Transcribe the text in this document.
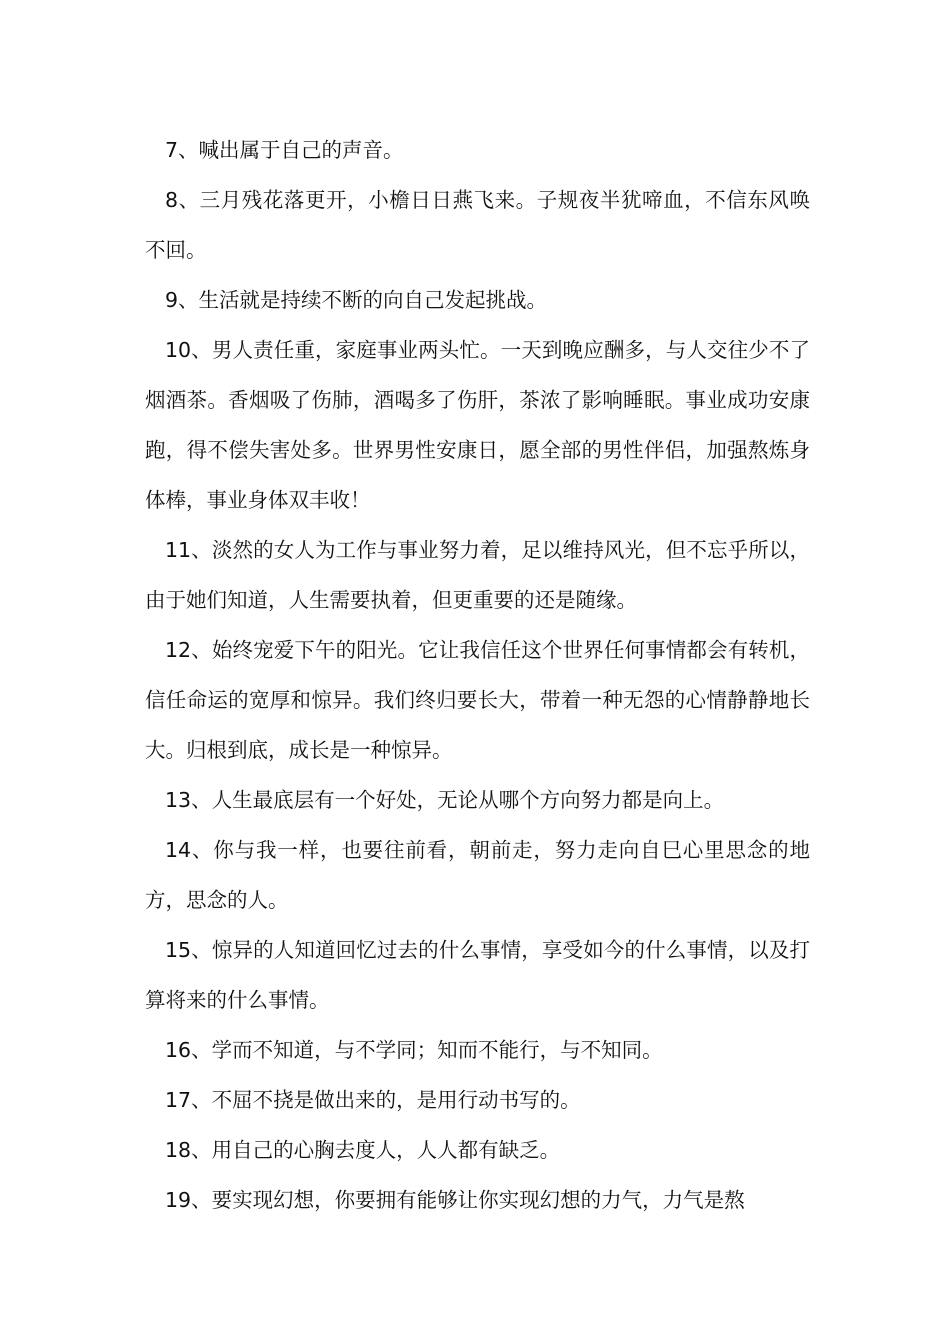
7、喊出属于自己的声音。

8、三月残花落更开，小檐日日燕飞来。子规夜半犹啼血，不信东风唤不回。

9、生活就是持续不断的向自己发起挑战。

10、男人责任重，家庭事业两头忙。一天到晚应酬多，与人交往少不了烟酒茶。香烟吸了伤肺，酒喝多了伤肝，茶浓了影响睡眠。事业成功安康跑，得不偿失害处多。世界男性安康日，愿全部的男性伴侣，加强熬炼身体棒，事业身体双丰收！

11、淡然的女人为工作与事业努力着，足以维持风光，但不忘乎所以，由于她们知道，人生需要执着，但更重要的还是随缘。

12、始终宠爱下午的阳光。它让我信任这个世界任何事情都会有转机，信任命运的宽厚和惊异。我们终归要长大，带着一种无怨的心情静静地长大。归根到底，成长是一种惊异。

13、人生最底层有一个好处，无论从哪个方向努力都是向上。

14、你与我一样，也要往前看，朝前走，努力走向自巳心里思念的地方，思念的人。

15、惊异的人知道回忆过去的什么事情，享受如今的什么事情，以及打算将来的什么事情。

16、学而不知道，与不学同；知而不能行，与不知同。

17、不屈不挠是做出来的，是用行动书写的。

18、用自己的心胸去度人，人人都有缺乏。

19、要实现幻想，你要拥有能够让你实现幻想的力气，力气是熬
